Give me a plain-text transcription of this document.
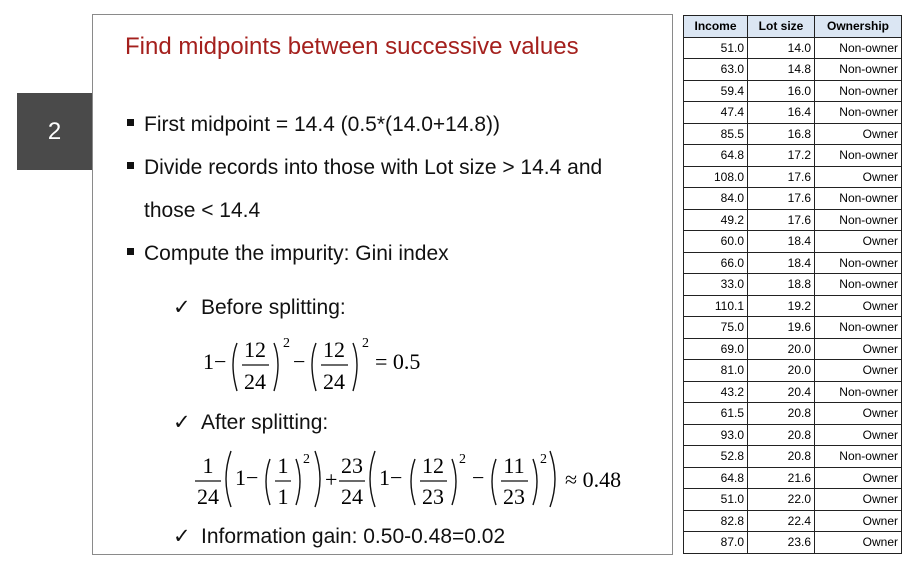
2
Find midpoints between successive values
First midpoint = 14.4 (0.5*(14.0+14.8))
Divide records into those with Lot size > 14.4 and
those < 14.4
Compute the impurity: Gini index
✓ Before splitting:
1− 12
24
2
− 12
24
2
= 0.5
✓ After splitting:
1
24
1− 1
1
2
+
23
24
1− 12
23
2
− 11
23
2
≈ 0.48
✓ Information gain: 0.50-0.48=0.02
Income	Lot size	Ownership
51.0	14.0	Non-owner
63.0	14.8	Non-owner
59.4	16.0	Non-owner
47.4	16.4	Non-owner
85.5	16.8	Owner
64.8	17.2	Non-owner
108.0	17.6	Owner
84.0	17.6	Non-owner
49.2	17.6	Non-owner
60.0	18.4	Owner
66.0	18.4	Non-owner
33.0	18.8	Non-owner
110.1	19.2	Owner
75.0	19.6	Non-owner
69.0	20.0	Owner
81.0	20.0	Owner
43.2	20.4	Non-owner
61.5	20.8	Owner
93.0	20.8	Owner
52.8	20.8	Non-owner
64.8	21.6	Owner
51.0	22.0	Owner
82.8	22.4	Owner
87.0	23.6	Owner
